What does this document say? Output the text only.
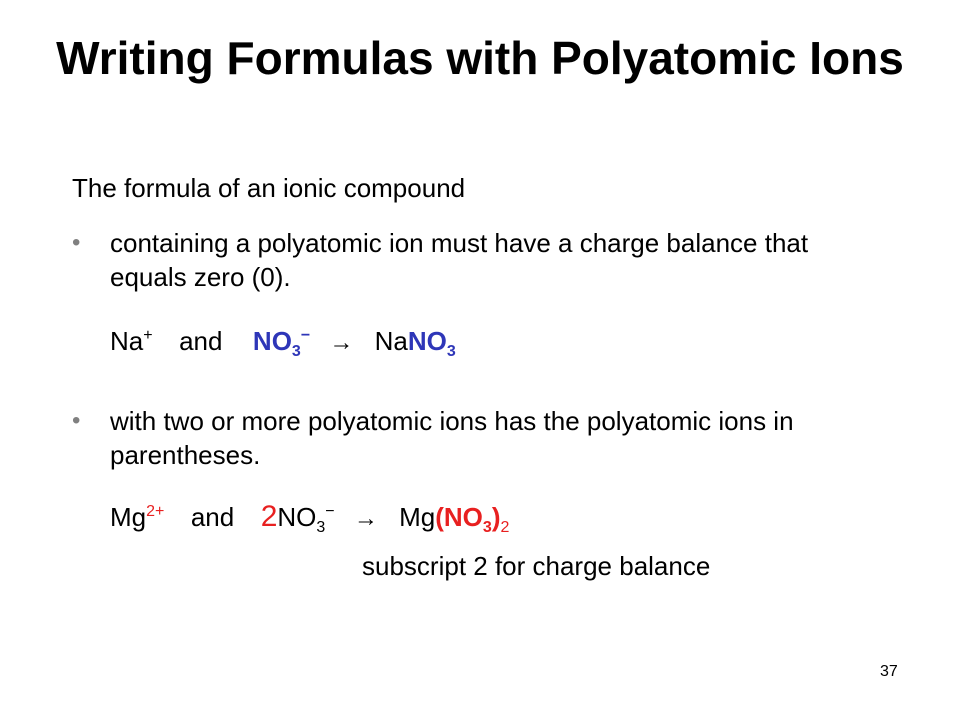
Writing Formulas with Polyatomic Ions

The formula of an ionic compound

•	containing a polyatomic ion must have a charge balance that equals zero (0).
Na+ and $NO_3^-$ → NaNO$_3$
•	with two or more polyatomic ions has the polyatomic ions in parentheses.
$Mg^{2+}$ and $2NO_3^- \to Mg(NO_3)_2$

subscript 2 for charge balance

37
